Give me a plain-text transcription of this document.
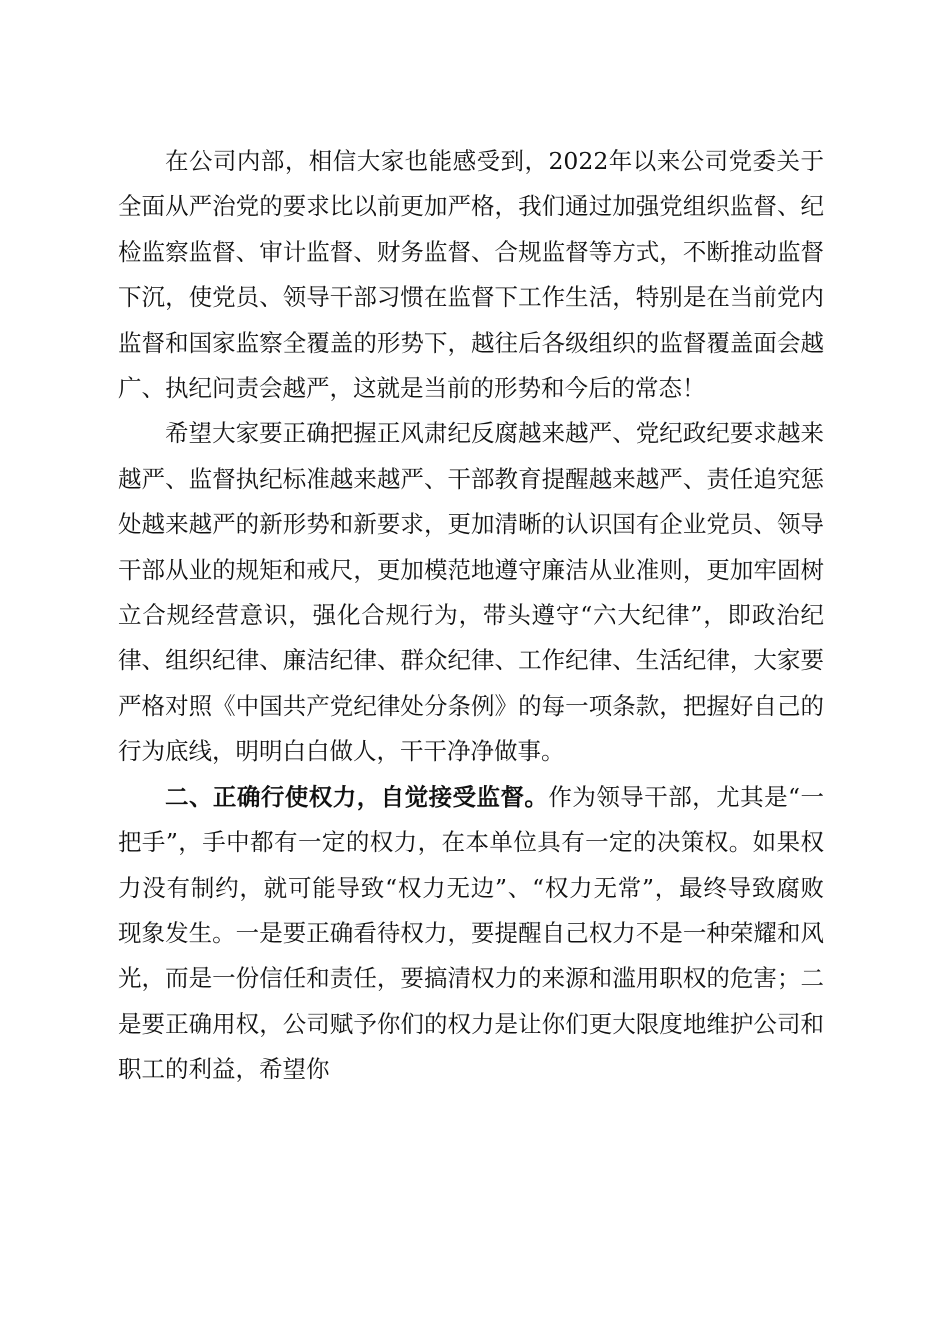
在公司内部，相信大家也能感受到，2022年以来公司党委关于全面从严治党的要求比以前更加严格，我们通过加强党组织监督、纪检监察监督、审计监督、财务监督、合规监督等方式，不断推动监督下沉，使党员、领导干部习惯在监督下工作生活，特别是在当前党内监督和国家监察全覆盖的形势下，越往后各级组织的监督覆盖面会越广、执纪问责会越严，这就是当前的形势和今后的常态！

希望大家要正确把握正风肃纪反腐越来越严、党纪政纪要求越来越严、监督执纪标准越来越严、干部教育提醒越来越严、责任追究惩处越来越严的新形势和新要求，更加清晰的认识国有企业党员、领导干部从业的规矩和戒尺，更加模范地遵守廉洁从业准则，更加牢固树立合规经营意识，强化合规行为，带头遵守“六大纪律”，即政治纪律、组织纪律、廉洁纪律、群众纪律、工作纪律、生活纪律，大家要严格对照《中国共产党纪律处分条例》的每一项条款，把握好自己的行为底线，明明白白做人，干干净净做事。

二、正确行使权力，自觉接受监督。作为领导干部，尤其是“一把手”，手中都有一定的权力，在本单位具有一定的决策权。如果权力没有制约，就可能导致“权力无边”、“权力无常”，最终导致腐败现象发生。一是要正确看待权力，要提醒自己权力不是一种荣耀和风光，而是一份信任和责任，要搞清权力的来源和滥用职权的危害；二是要正确用权，公司赋予你们的权力是让你们更大限度地维护公司和职工的利益，希望你
